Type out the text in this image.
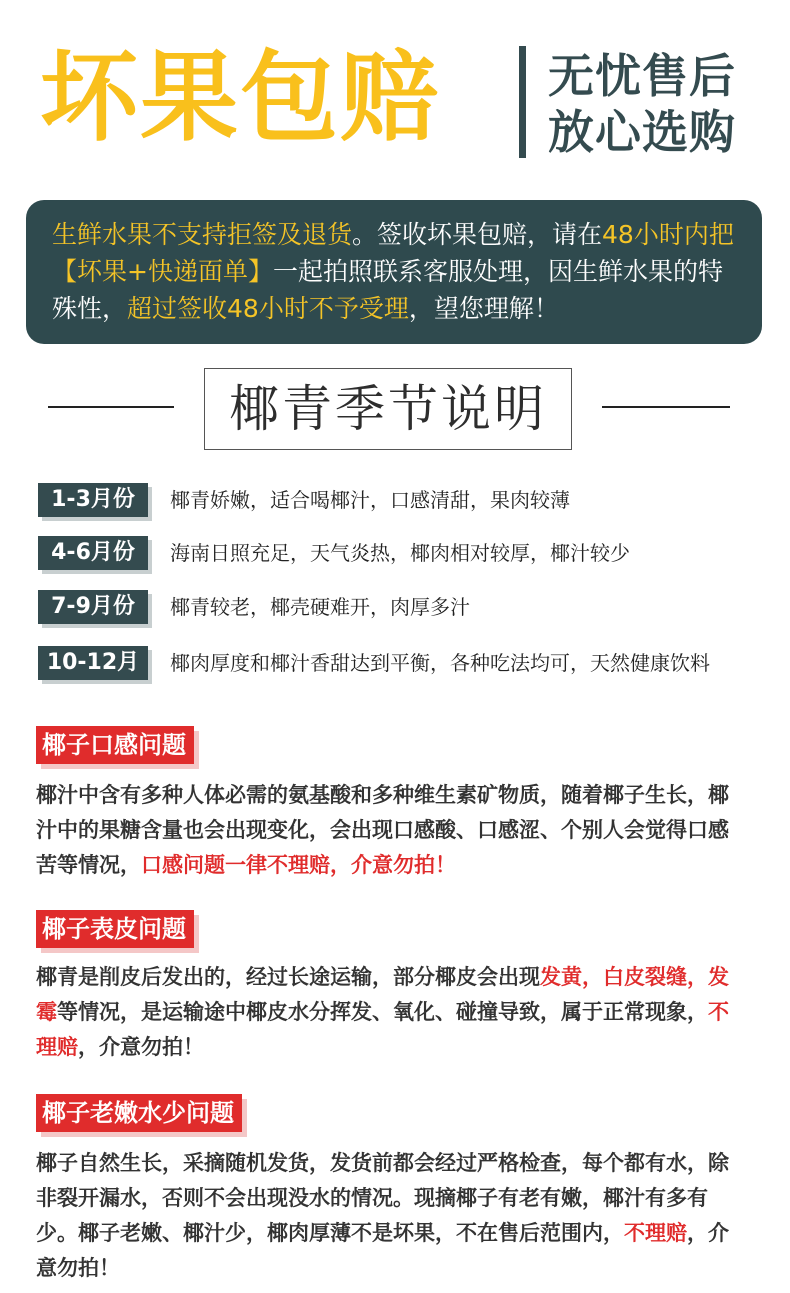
坏果包赔 无忧售后
放心选购

生鲜水果不支持拒签及退货。签收坏果包赔，请在48小时内把【坏果+快递面单】一起拍照联系客服处理，因生鲜水果的特殊性，超过签收48小时不予受理，望您理解！

椰青季节说明
1-3月份	椰青娇嫩，适合喝椰汁，口感清甜，果肉较薄
4-6月份	海南日照充足，天气炎热，椰肉相对较厚，椰汁较少
7-9月份	椰青较老，椰壳硬难开，肉厚多汁
10-12月	椰肉厚度和椰汁香甜达到平衡，各种吃法均可，天然健康饮料
椰子口感问题
椰汁中含有多种人体必需的氨基酸和多种维生素矿物质，随着椰子生长，椰汁中的果糖含量也会出现变化，会出现口感酸、口感涩、个别人会觉得口感苦等情况，口感问题一律不理赔，介意勿拍！
椰子表皮问题
椰青是削皮后发出的，经过长途运输，部分椰皮会出现发黄，白皮裂缝，发霉等情况，是运输途中椰皮水分挥发、氧化、碰撞导致，属于正常现象，不理赔，介意勿拍！
椰子老嫩水少问题
椰子自然生长，采摘随机发货，发货前都会经过严格检查，每个都有水，除非裂开漏水，否则不会出现没水的情况。现摘椰子有老有嫩，椰汁有多有少。椰子老嫩、椰汁少，椰肉厚薄不是坏果，不在售后范围内，不理赔，介意勿拍！
